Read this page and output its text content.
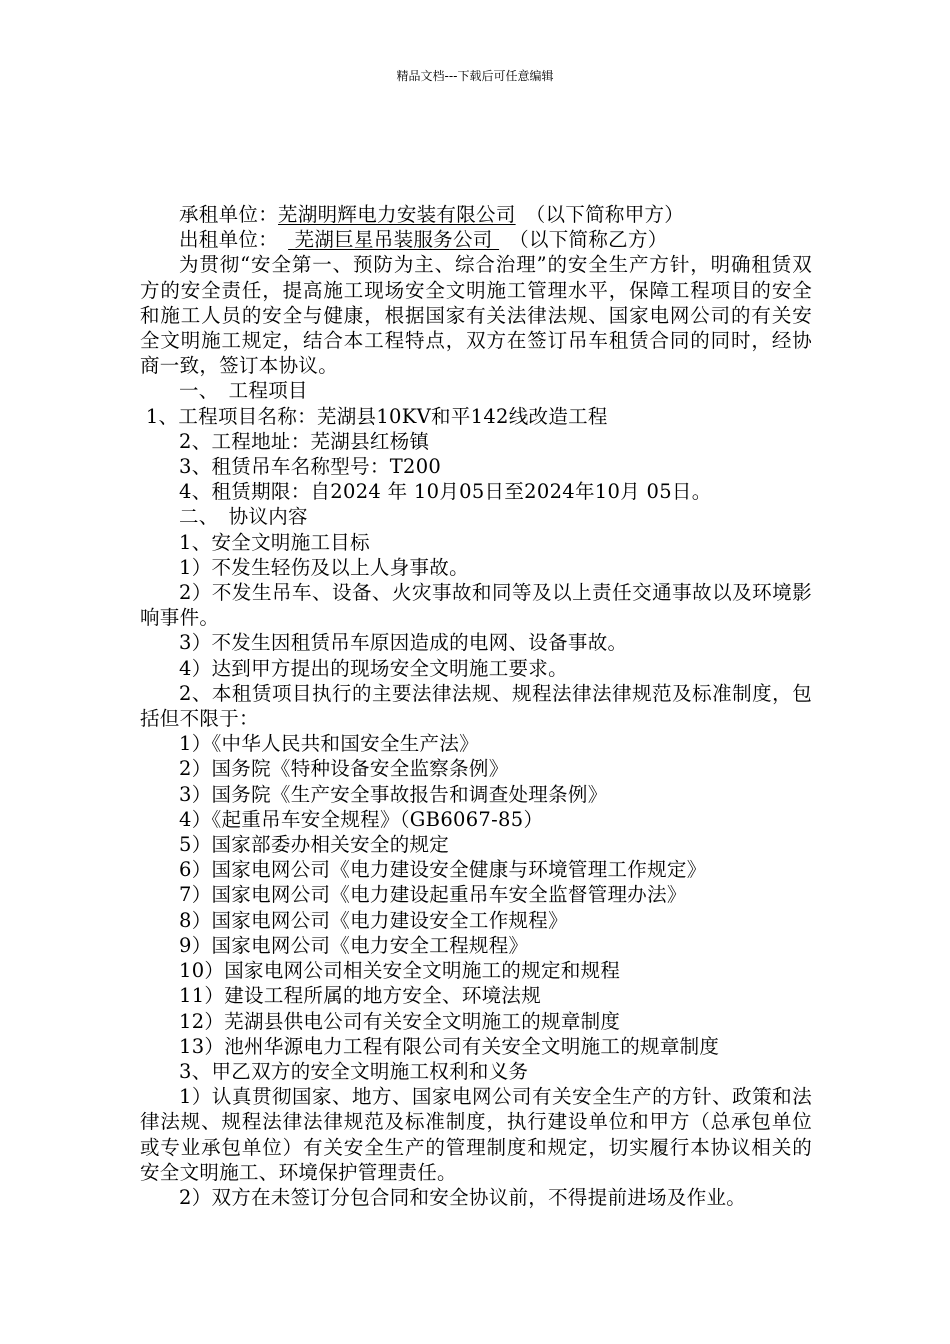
精品文档---下载后可任意编辑

承租单位：芜湖明辉电力安装有限公司　 （以下简称甲方）

出租单位：　 芜湖巨星吊装服务公司 　（以下简称乙方）

为贯彻“安全第一、预防为主、综合治理”的安全生产方针，明确租赁双方的安全责任，提高施工现场安全文明施工管理水平，保障工程项目的安全和施工人员的安全与健康，根据国家有关法律法规、国家电网公司的有关安全文明施工规定，结合本工程特点，双方在签订吊车租赁合同的同时，经协商一致，签订本协议。

一、　工程项目

1、工程项目名称：芜湖县10KV和平142线改造工程

2、工程地址：芜湖县红杨镇

3、租赁吊车名称型号：T200

4、租赁期限：自2024 年 10月05日至2024年10月 05日。

二、　协议内容

1、安全文明施工目标

1）不发生轻伤及以上人身事故。

2）不发生吊车、设备、火灾事故和同等及以上责任交通事故以及环境影响事件。

3）不发生因租赁吊车原因造成的电网、设备事故。

4）达到甲方提出的现场安全文明施工要求。

2、本租赁项目执行的主要法律法规、规程法律法律规范及标准制度，包括但不限于：

1）《中华人民共和国安全生产法》

2）国务院《特种设备安全监察条例》

3）国务院《生产安全事故报告和调查处理条例》

4）《起重吊车安全规程》（GB6067-85）

5）国家部委办相关安全的规定

6）国家电网公司《电力建设安全健康与环境管理工作规定》

7）国家电网公司《电力建设起重吊车安全监督管理办法》

8）国家电网公司《电力建设安全工作规程》

9）国家电网公司《电力安全工程规程》

10）国家电网公司相关安全文明施工的规定和规程

11）建设工程所属的地方安全、环境法规

12）芜湖县供电公司有关安全文明施工的规章制度

13）池州华源电力工程有限公司有关安全文明施工的规章制度

3、甲乙双方的安全文明施工权利和义务

1）认真贯彻国家、地方、国家电网公司有关安全生产的方针、政策和法律法规、规程法律法律规范及标准制度，执行建设单位和甲方（总承包单位或专业承包单位）有关安全生产的管理制度和规定，切实履行本协议相关的安全文明施工、环境保护管理责任。

2）双方在未签订分包合同和安全协议前，不得提前进场及作业。
